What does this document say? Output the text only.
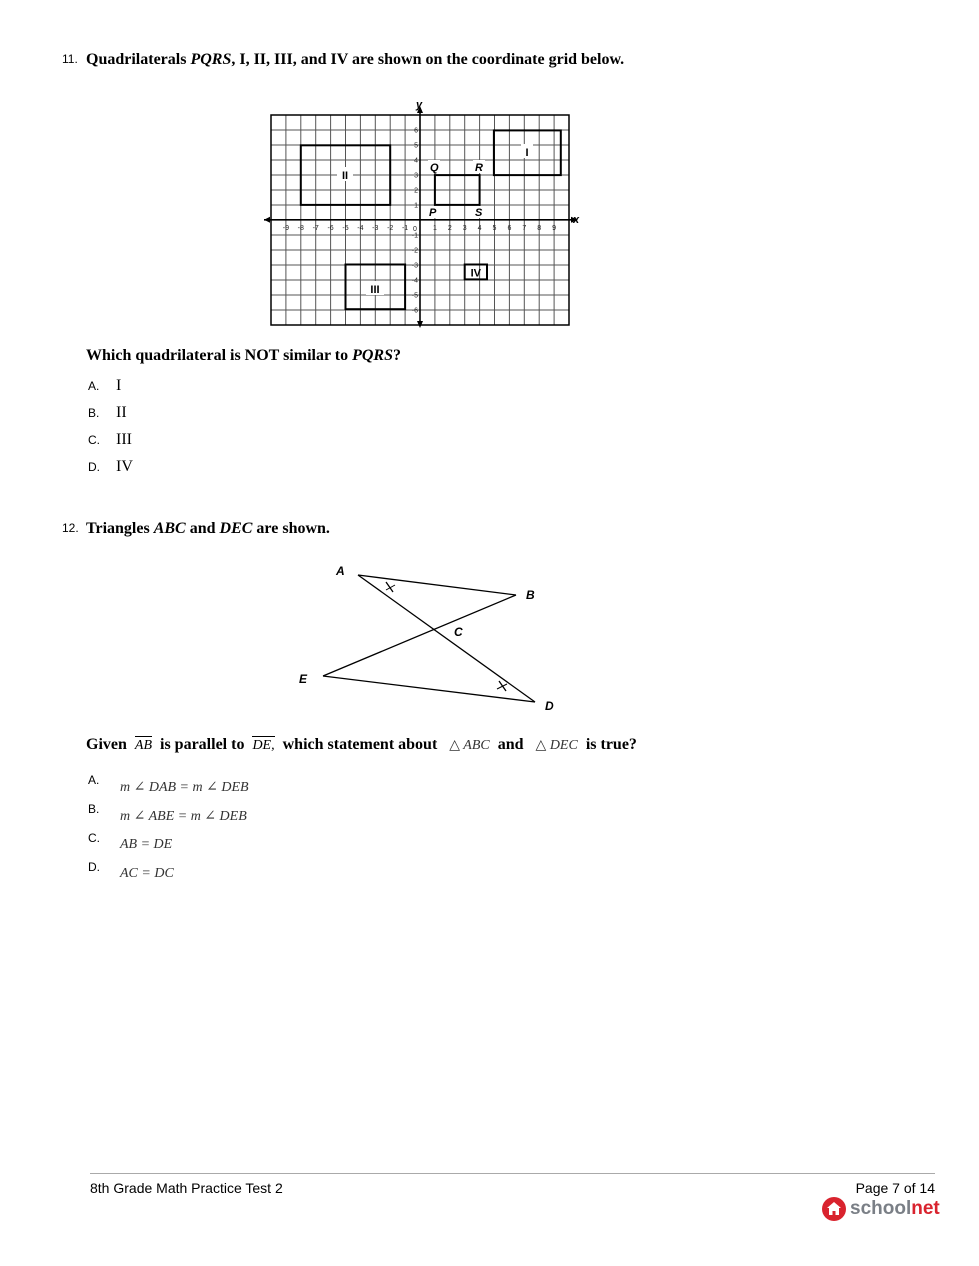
11. Quadrilaterals PQRS, I, II, III, and IV are shown on the coordinate grid below.
y
x
-9 -8 -7 -6 -5 -4 -3 -2 -1	1 2 3 4 5 6 7 8 9
6
5
4
3
2
1
-1
-2
-3
-4
-5
-6
0
II
I
III
IV
Q	R
P	S
Which quadrilateral is NOT similar to PQRS?
A. I
B. II
C. III
D. IV
12. Triangles ABC and DEC are shown.
A
B
C
E
D
Given AB is parallel to DE, which statement about △ ABC and △ DEC is true?
A. m ∠ DAB = m ∠ DEB
B. m ∠ ABE = m ∠ DEB
C. AB = DE
D. AC = DC
8th Grade Math Practice Test 2	Page 7 of 14
school net
